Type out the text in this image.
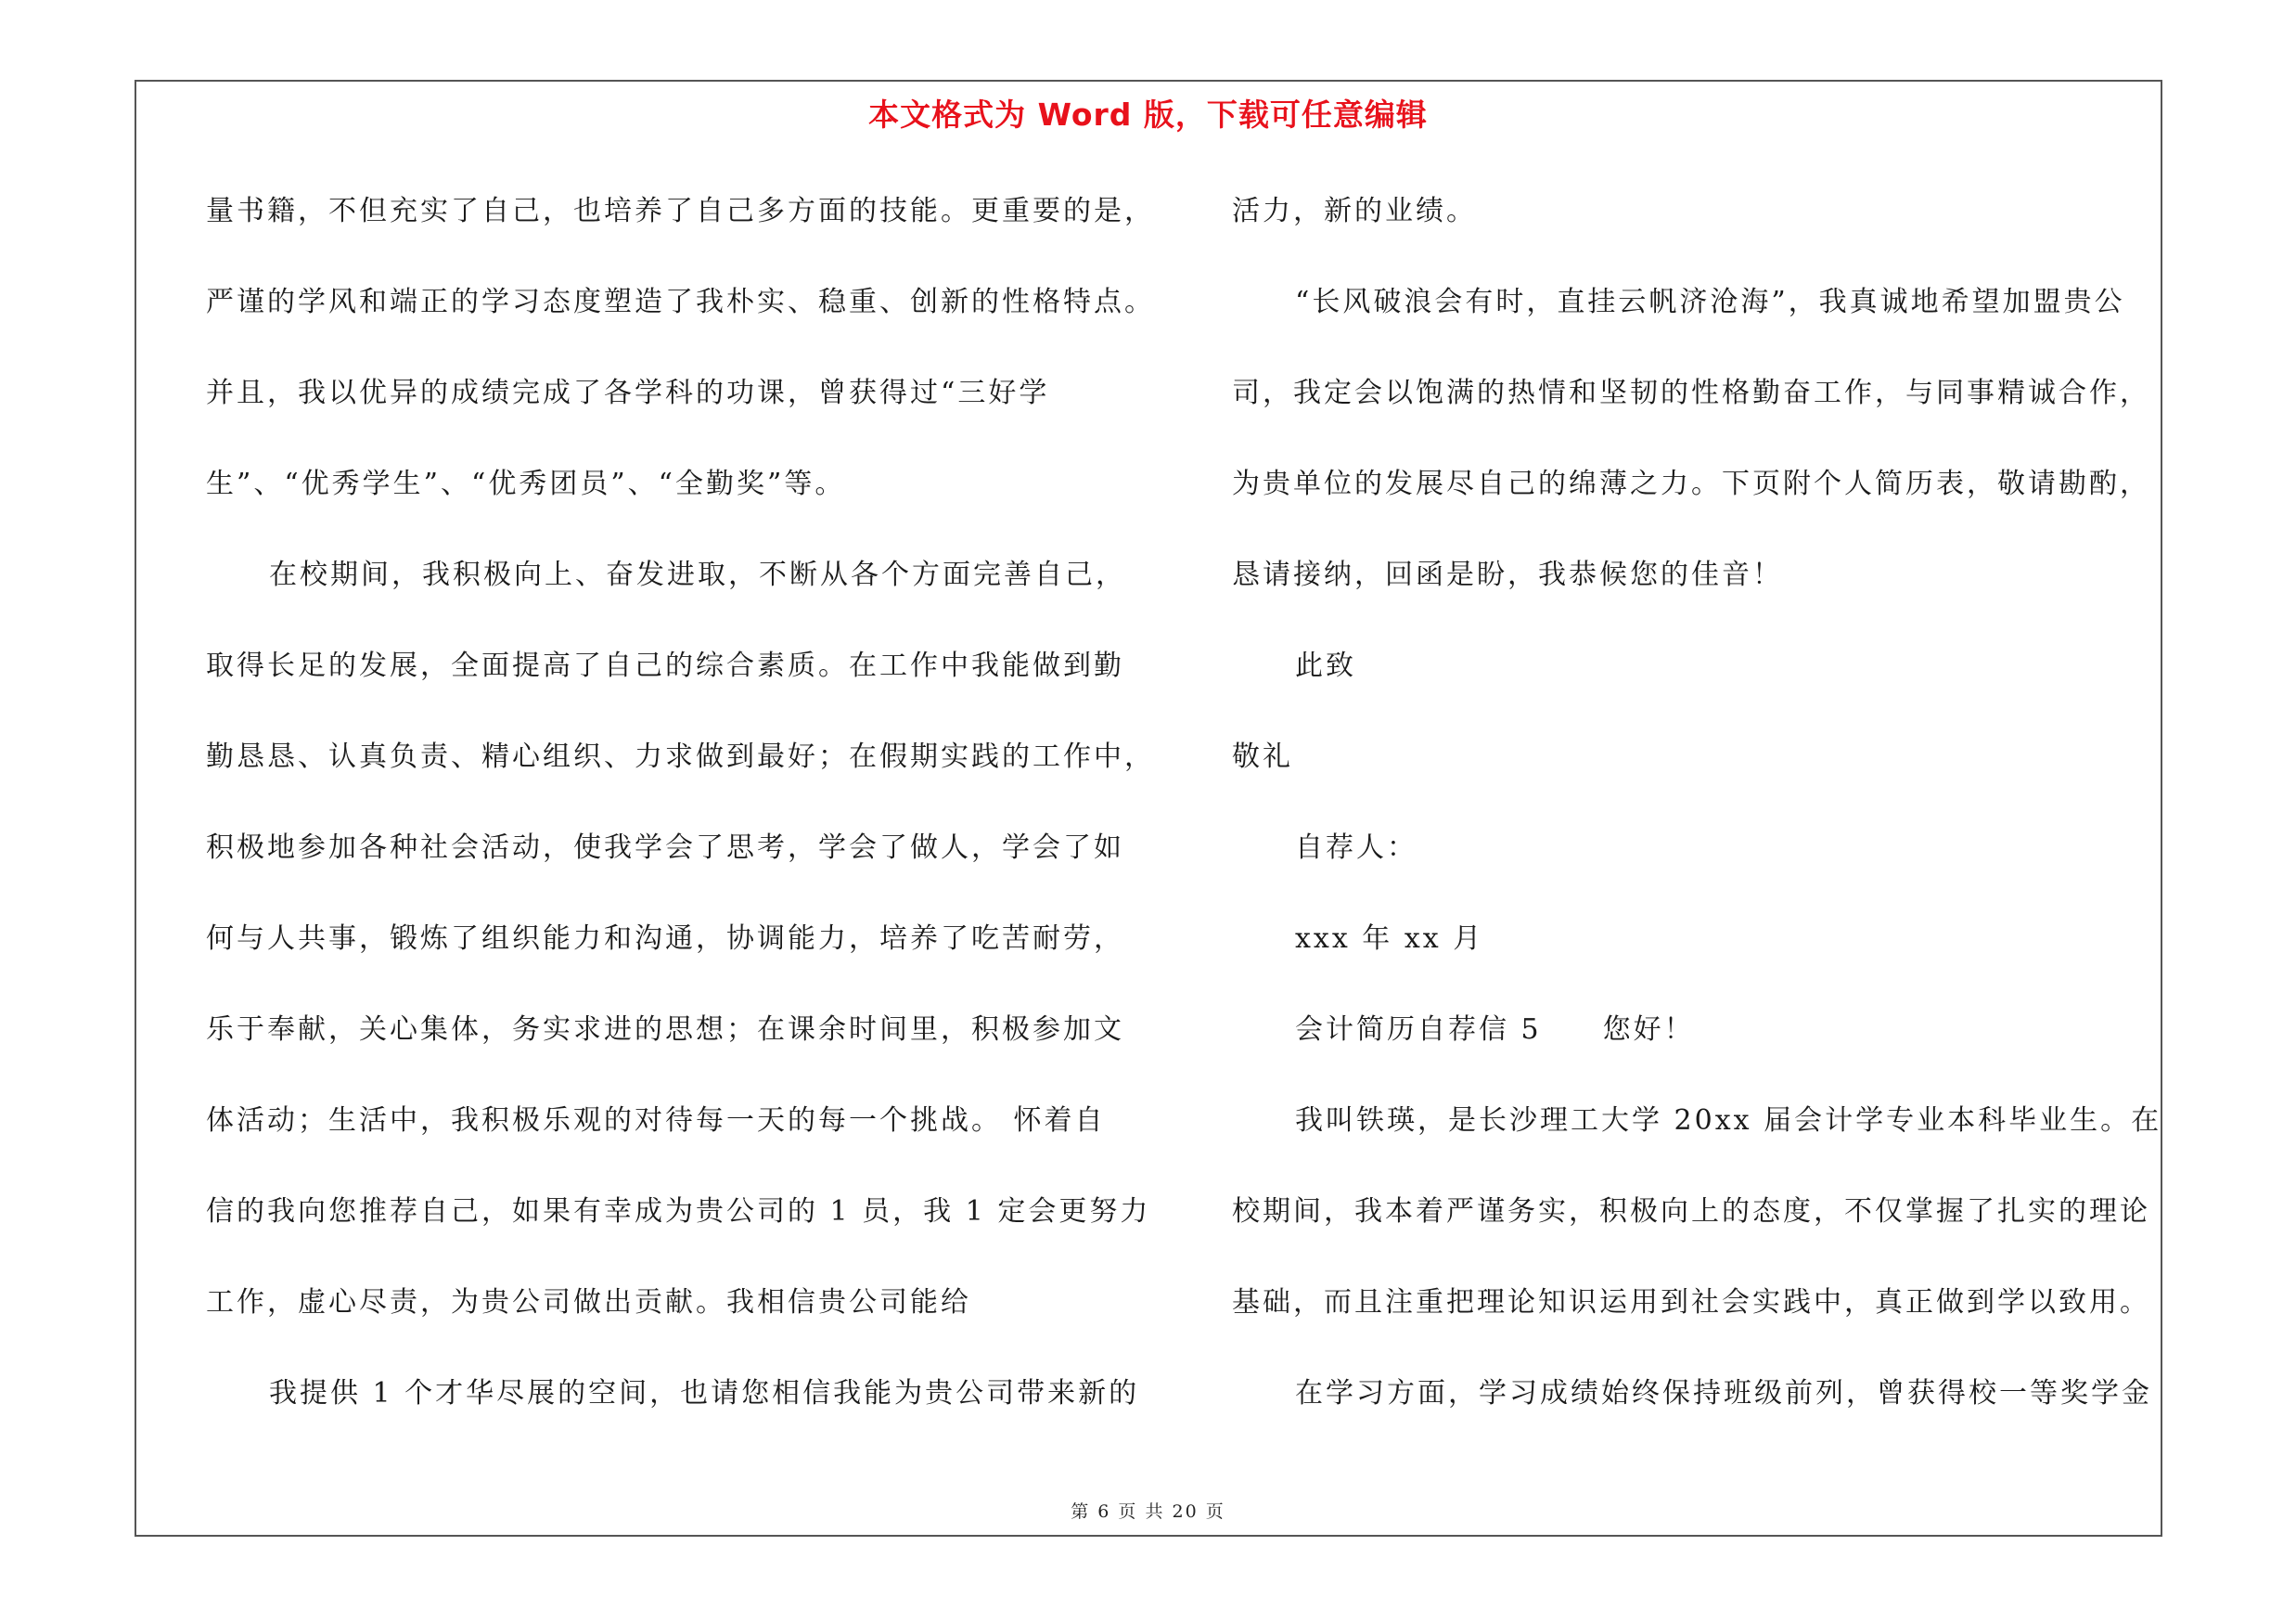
本文格式为 Word 版，下载可任意编辑
量书籍，不但充实了自己，也培养了自己多方面的技能。更重要的是，
严谨的学风和端正的学习态度塑造了我朴实、稳重、创新的性格特点。
并且，我以优异的成绩完成了各学科的功课，曾获得过“三好学
生”、“优秀学生”、“优秀团员”、“全勤奖”等。
在校期间，我积极向上、奋发进取，不断从各个方面完善自己，
取得长足的发展，全面提高了自己的综合素质。在工作中我能做到勤
勤恳恳、认真负责、精心组织、力求做到最好；在假期实践的工作中，
积极地参加各种社会活动，使我学会了思考，学会了做人，学会了如
何与人共事，锻炼了组织能力和沟通，协调能力，培养了吃苦耐劳，
乐于奉献，关心集体，务实求进的思想；在课余时间里，积极参加文
体活动；生活中，我积极乐观的对待每一天的每一个挑战。 怀着自
信的我向您推荐自己，如果有幸成为贵公司的 1 员，我 1 定会更努力
工作，虚心尽责，为贵公司做出贡献。我相信贵公司能给
我提供 1 个才华尽展的空间，也请您相信我能为贵公司带来新的
活力，新的业绩。
“长风破浪会有时，直挂云帆济沧海”，我真诚地希望加盟贵公
司，我定会以饱满的热情和坚韧的性格勤奋工作，与同事精诚合作，
为贵单位的发展尽自己的绵薄之力。下页附个人简历表，敬请勘酌，
恳请接纳，回函是盼，我恭候您的佳音！
此致
敬礼
自荐人：
xxx 年 xx 月
会计简历自荐信 5 您好！
我叫铁瑛，是长沙理工大学 20xx 届会计学专业本科毕业生。在
校期间，我本着严谨务实，积极向上的态度，不仅掌握了扎实的理论
基础，而且注重把理论知识运用到社会实践中，真正做到学以致用。
在学习方面，学习成绩始终保持班级前列，曾获得校一等奖学金
第 6 页 共 20 页
